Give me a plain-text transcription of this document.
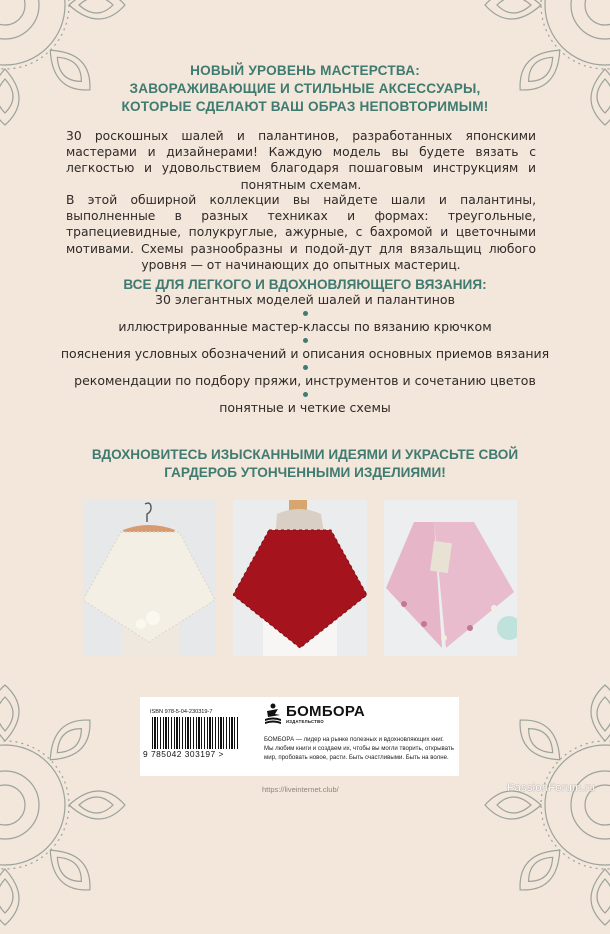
НОВЫЙ УРОВЕНЬ МАСТЕРСТВА:
ЗАВОРАЖИВАЮЩИЕ И СТИЛЬНЫЕ АКСЕССУАРЫ,
КОТОРЫЕ СДЕЛАЮТ ВАШ ОБРАЗ НЕПОВТОРИМЫМ!
30 роскошных шалей и палантинов, разработанных японскими мастерами и дизайнерами! Каждую модель вы будете вязать с легкостью и удовольствием благодаря пошаговым инструкциям и понятным схемам.
В этой обширной коллекции вы найдете шали и палантины, выполненные в разных техниках и формах: треугольные, трапециевидные, полукруглые, ажурные, с бахромой и цветочными мотивами. Схемы разнообразны и подой-дут для вязальщиц любого уровня — от начинающих до опытных мастериц.
ВСЕ ДЛЯ ЛЕГКОГО И ВДОХНОВЛЯЮЩЕГО ВЯЗАНИЯ:
30 элегантных моделей шалей и палантинов
иллюстрированные мастер-классы по вязанию крючком
пояснения условных обозначений и описания основных приемов вязания
рекомендации по подбору пряжи, инструментов и сочетанию цветов
понятные и четкие схемы
ВДОХНОВИТЕСЬ ИЗЫСКАННЫМИ ИДЕЯМИ И УКРАСЬТЕ СВОЙ
ГАРДЕРОБ УТОНЧЕННЫМИ ИЗДЕЛИЯМИ!
ISBN 978-5-04-230319-7
9 785042 303197 >
БОМБОРА
ИЗДАТЕЛЬСТВО
БОМБОРА — лидер на рынке полезных и вдохновляющих книг. Мы любим книги и создаем их, чтобы вы могли творить, открывать мир, пробовать новое, расти. Быть счастливыми. Быть на волне.
https://liveinternet.club/	PassionForum.ru
